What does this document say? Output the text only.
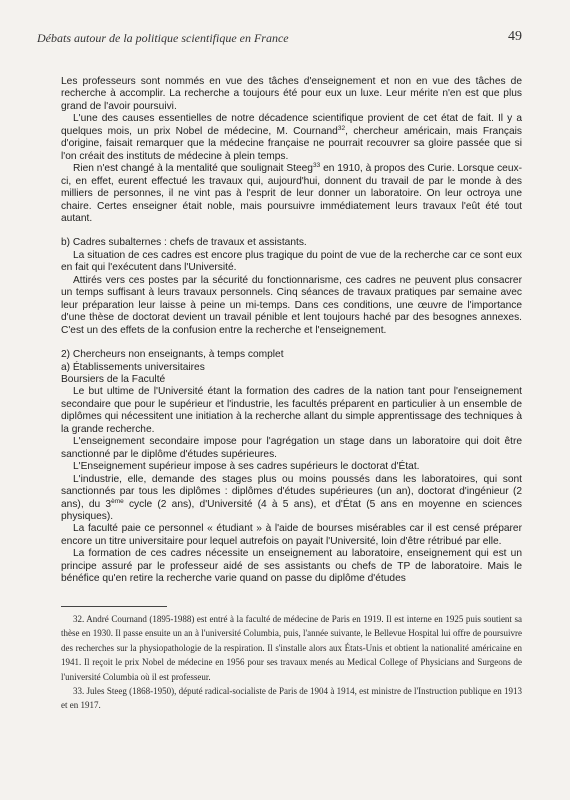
Débats autour de la politique scientifique en France	49

Les professeurs sont nommés en vue des tâches d'enseignement et non en vue des tâches de recherche à accomplir. La recherche a toujours été pour eux un luxe. Leur mérite n'en est que plus grand de l'avoir poursuivi.

L'une des causes essentielles de notre décadence scientifique provient de cet état de fait. Il y a quelques mois, un prix Nobel de médecine, M. Cournand$^{32}$, chercheur américain, mais Français d'origine, faisait remarquer que la médecine française ne pourrait recouvrer sa gloire passée que si l'on créait des instituts de médecine à plein temps.

Rien n'est changé à la mentalité que soulignait Steeg$^{33}$ en 1910, à propos des Curie. Lorsque ceux-ci, en effet, eurent effectué les travaux qui, aujourd'hui, donnent du travail de par le monde à des milliers de personnes, il ne vint pas à l'esprit de leur donner un laboratoire. On leur octroya une chaire. Certes enseigner était noble, mais poursuivre immédiatement leurs travaux l'eût été tout autant.

b) Cadres subalternes : chefs de travaux et assistants.

La situation de ces cadres est encore plus tragique du point de vue de la recherche car ce sont eux en fait qui l'exécutent dans l'Université.

Attirés vers ces postes par la sécurité du fonctionnarisme, ces cadres ne peuvent plus consacrer un temps suffisant à leurs travaux personnels. Cinq séances de travaux pratiques par semaine avec leur préparation leur laisse à peine un mi-temps. Dans ces conditions, une œuvre de l'importance d'une thèse de doctorat devient un travail pénible et lent toujours haché par des besognes annexes. C'est un des effets de la confusion entre la recherche et l'enseignement.

2) Chercheurs non enseignants, à temps complet

a) Établissements universitaires

Boursiers de la Faculté

Le but ultime de l'Université étant la formation des cadres de la nation tant pour l'enseignement secondaire que pour le supérieur et l'industrie, les facultés préparent en particulier à un ensemble de diplômes qui nécessitent une initiation à la recherche allant du simple apprentissage des techniques à la grande recherche.

L'enseignement secondaire impose pour l'agrégation un stage dans un laboratoire qui doit être sanctionné par le diplôme d'études supérieures.

L'Enseignement supérieur impose à ses cadres supérieurs le doctorat d'État.

L'industrie, elle, demande des stages plus ou moins poussés dans les laboratoires, qui sont sanctionnés par tous les diplômes : diplômes d'études supérieures (un an), doctorat d'ingénieur (2 ans), du 3ème cycle (2 ans), d'Université (4 à 5 ans), et d'État (5 ans en moyenne en sciences physiques).

La faculté paie ce personnel « étudiant » à l'aide de bourses misérables car il est censé préparer encore un titre universitaire pour lequel autrefois on payait l'Université, loin d'être rétribué par elle.

La formation de ces cadres nécessite un enseignement au laboratoire, enseignement qui est un principe assuré par le professeur aidé de ses assistants ou chefs de TP de laboratoire. Mais le bénéfice qu'en retire la recherche varie quand on passe du diplôme d'études

32. André Cournand (1895-1988) est entré à la faculté de médecine de Paris en 1919. Il est interne en 1925 puis soutient sa thèse en 1930. Il passe ensuite un an à l'université Columbia, puis, l'année suivante, le Bellevue Hospital lui offre de poursuivre des recherches sur la physiopathologie de la respiration. Il s'installe alors aux États-Unis et obtient la nationalité américaine en 1941. Il reçoit le prix Nobel de médecine en 1956 pour ses travaux menés au Medical College of Physicians and Surgeons de l'université Columbia où il est professeur.

33. Jules Steeg (1868-1950), député radical-socialiste de Paris de 1904 à 1914, est ministre de l'Instruction publique en 1913 et en 1917.
